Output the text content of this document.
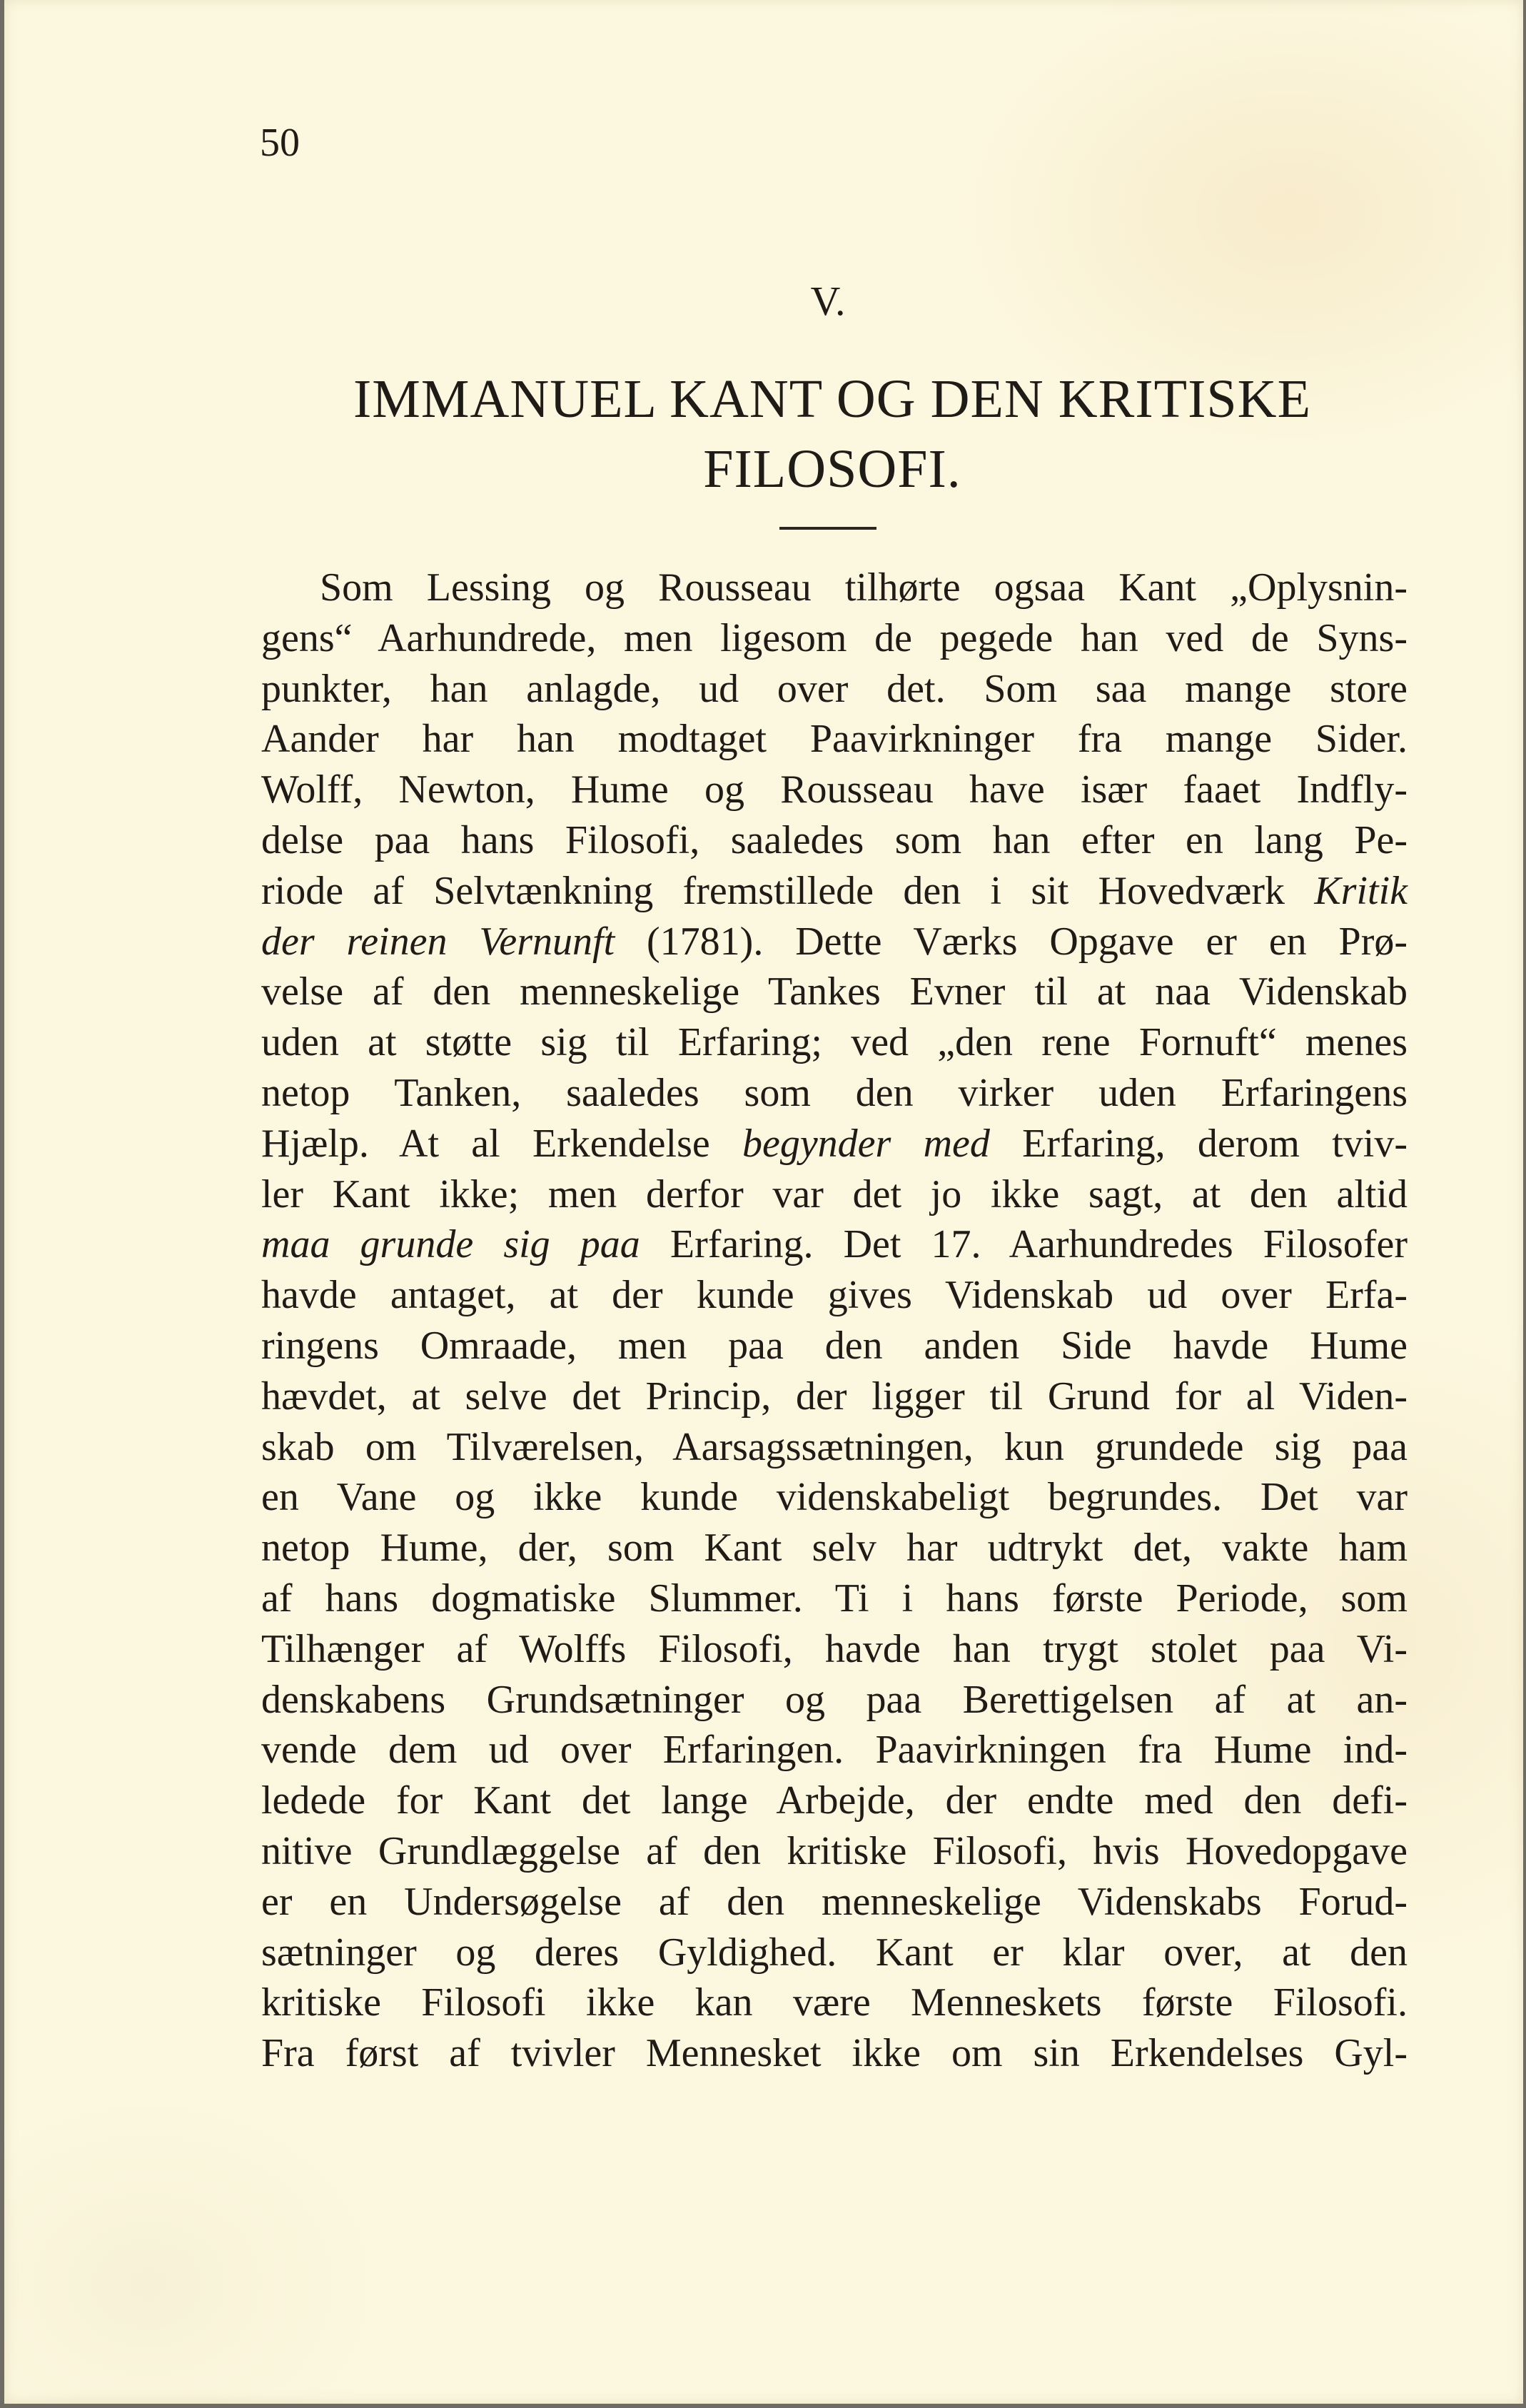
50
V.
IMMANUEL KANT OG DEN KRITISKE
FILOSOFI.
Som Lessing og Rousseau tilhørte ogsaa Kant „Oplysnin-
gens“ Aarhundrede, men ligesom de pegede han ved de Syns-
punkter, han anlagde, ud over det. Som saa mange store
Aander har han modtaget Paavirkninger fra mange Sider.
Wolff, Newton, Hume og Rousseau have især faaet Indfly-
delse paa hans Filosofi, saaledes som han efter en lang Pe-
riode af Selvtænkning fremstillede den i sit Hovedværk Kritik
der reinen Vernunft (1781). Dette Værks Opgave er en Prø-
velse af den menneskelige Tankes Evner til at naa Videnskab
uden at støtte sig til Erfaring; ved „den rene Fornuft“ menes
netop Tanken, saaledes som den virker uden Erfaringens
Hjælp. At al Erkendelse begynder med Erfaring, derom tviv-
ler Kant ikke; men derfor var det jo ikke sagt, at den altid
maa grunde sig paa Erfaring. Det 17. Aarhundredes Filosofer
havde antaget, at der kunde gives Videnskab ud over Erfa-
ringens Omraade, men paa den anden Side havde Hume
hævdet, at selve det Princip, der ligger til Grund for al Viden-
skab om Tilværelsen, Aarsagssætningen, kun grundede sig paa
en Vane og ikke kunde videnskabeligt begrundes. Det var
netop Hume, der, som Kant selv har udtrykt det, vakte ham
af hans dogmatiske Slummer. Ti i hans første Periode, som
Tilhænger af Wolffs Filosofi, havde han trygt stolet paa Vi-
denskabens Grundsætninger og paa Berettigelsen af at an-
vende dem ud over Erfaringen. Paavirkningen fra Hume ind-
ledede for Kant det lange Arbejde, der endte med den defi-
nitive Grundlæggelse af den kritiske Filosofi, hvis Hovedopgave
er en Undersøgelse af den menneskelige Videnskabs Forud-
sætninger og deres Gyldighed. Kant er klar over, at den
kritiske Filosofi ikke kan være Menneskets første Filosofi.
Fra først af tvivler Mennesket ikke om sin Erkendelses Gyl-
